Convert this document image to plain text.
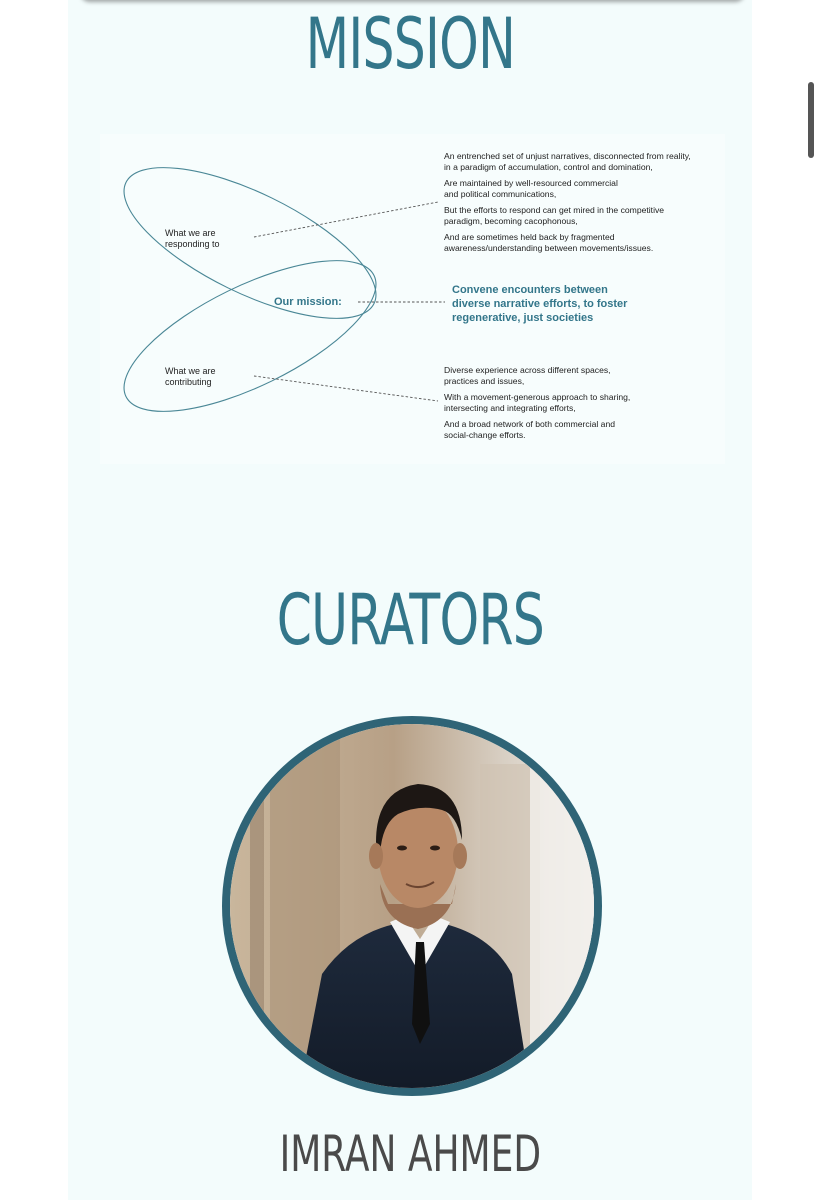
MISSION

What we are
responding to

Our mission:

What we are
contributing

An entrenched set of unjust narratives, disconnected from reality,
in a paradigm of accumulation, control and domination,

Are maintained by well-resourced commercial
and political communications,

But the efforts to respond can get mired in the competitive
paradigm, becoming cacophonous,

And are sometimes held back by fragmented
awareness/understanding between movements/issues.

Convene encounters between
diverse narrative efforts, to foster
regenerative, just societies

Diverse experience across different spaces,
practices and issues,

With a movement-generous approach to sharing,
intersecting and integrating efforts,

And a broad network of both commercial and
social-change efforts.

CURATORS

IMRAN AHMED
